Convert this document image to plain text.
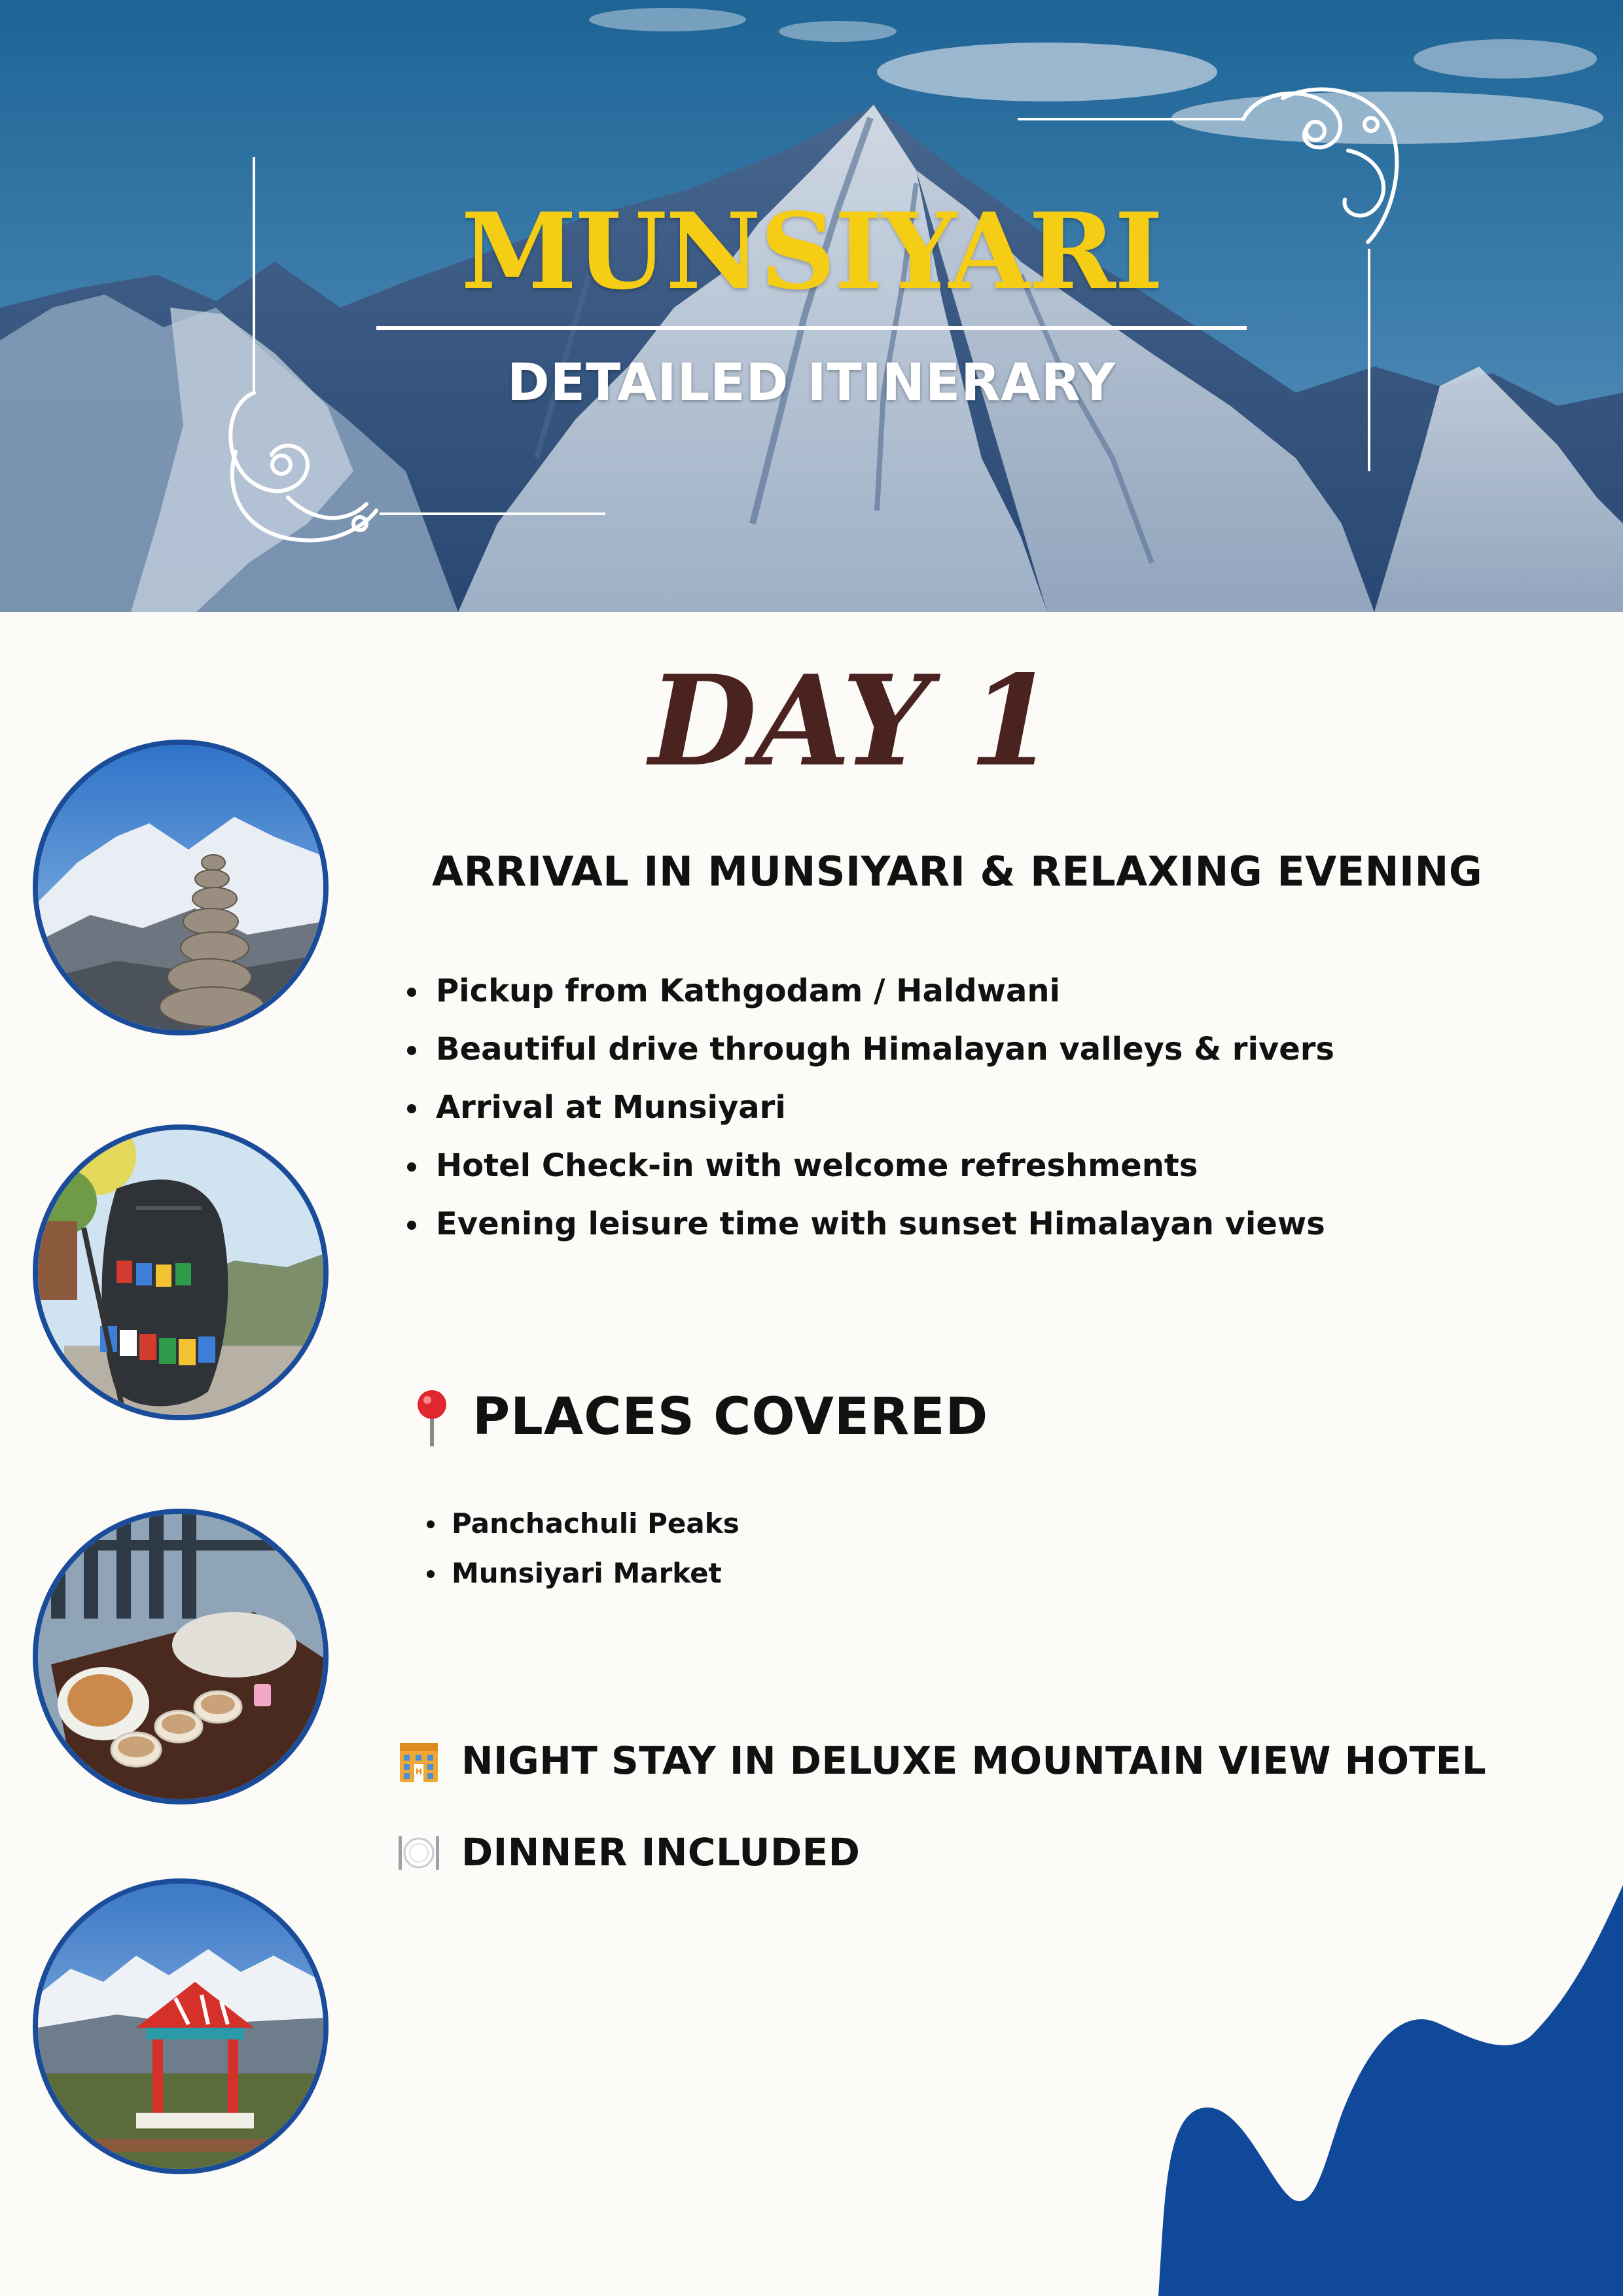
MUNSIYARI
DETAILED ITINERARY
DAY 1
ARRIVAL IN MUNSIYARI & RELAXING EVENING
Pickup from Kathgodam / Haldwani
Beautiful drive through Himalayan valleys & rivers
Arrival at Munsiyari
Hotel Check-in with welcome refreshments
Evening leisure time with sunset Himalayan views
PLACES COVERED
Panchachuli Peaks
Munsiyari Market
H NIGHT STAY IN DELUXE MOUNTAIN VIEW HOTEL
DINNER INCLUDED
